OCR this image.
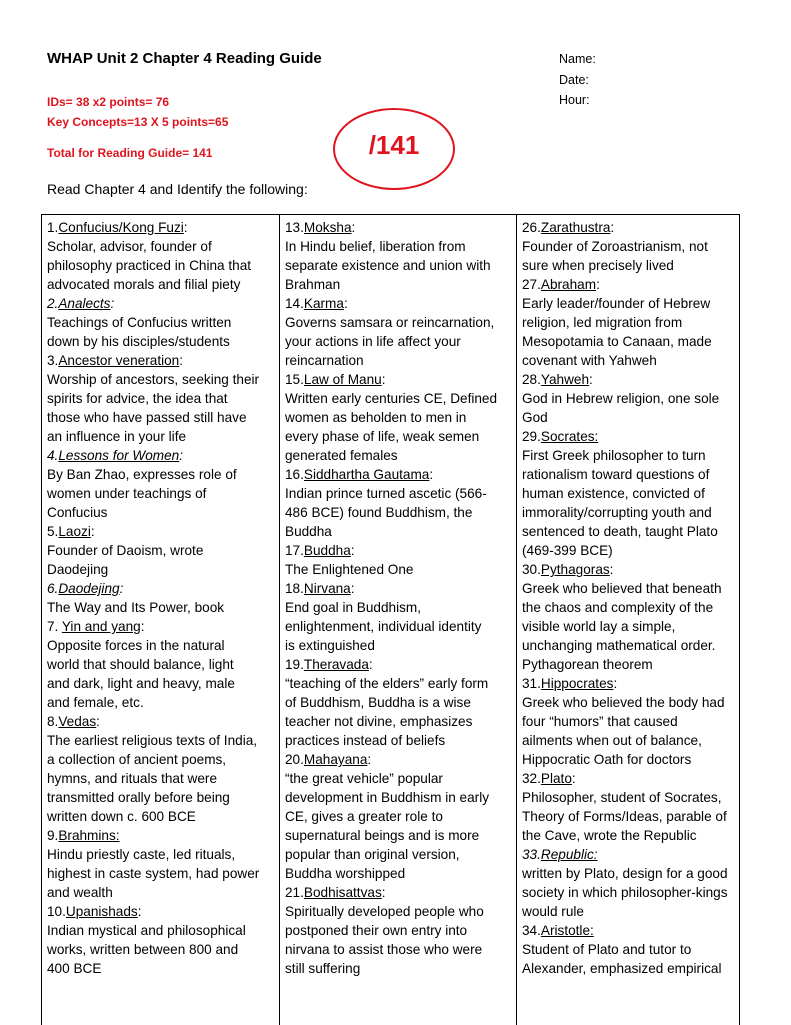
WHAP Unit 2 Chapter 4 Reading Guide	Name:
Date:
Hour:
IDs= 38 x2 points= 76
Key Concepts=13 X 5 points=65
Total for Reading Guide= 141	/141
Read Chapter 4 and Identify the following:
1.Confucius/Kong Fuzi:
Scholar, advisor, founder of
philosophy practiced in China that
advocated morals and filial piety
2.Analects:
Teachings of Confucius written
down by his disciples/students
3.Ancestor veneration:
Worship of ancestors, seeking their
spirits for advice, the idea that
those who have passed still have
an influence in your life
4.Lessons for Women:
By Ban Zhao, expresses role of
women under teachings of
Confucius
5.Laozi:
Founder of Daoism, wrote
Daodejing
6.Daodejing:
The Way and Its Power, book
7. Yin and yang:
Opposite forces in the natural
world that should balance, light
and dark, light and heavy, male
and female, etc.
8.Vedas:
The earliest religious texts of India,
a collection of ancient poems,
hymns, and rituals that were
transmitted orally before being
written down c. 600 BCE
9.Brahmins:
Hindu priestly caste, led rituals,
highest in caste system, had power
and wealth
10.Upanishads:
Indian mystical and philosophical
works, written between 800 and
400 BCE
13.Moksha:
In Hindu belief, liberation from
separate existence and union with
Brahman
14.Karma:
Governs samsara or reincarnation,
your actions in life affect your
reincarnation
15.Law of Manu:
Written early centuries CE, Defined
women as beholden to men in
every phase of life, weak semen
generated females
16.Siddhartha Gautama:
Indian prince turned ascetic (566-
486 BCE) found Buddhism, the
Buddha
17.Buddha:
The Enlightened One
18.Nirvana:
End goal in Buddhism,
enlightenment, individual identity
is extinguished
19.Theravada:
“teaching of the elders” early form
of Buddhism, Buddha is a wise
teacher not divine, emphasizes
practices instead of beliefs
20.Mahayana:
“the great vehicle” popular
development in Buddhism in early
CE, gives a greater role to
supernatural beings and is more
popular than original version,
Buddha worshipped
21.Bodhisattvas:
Spiritually developed people who
postponed their own entry into
nirvana to assist those who were
still suffering
26.Zarathustra:
Founder of Zoroastrianism, not
sure when precisely lived
27.Abraham:
Early leader/founder of Hebrew
religion, led migration from
Mesopotamia to Canaan, made
covenant with Yahweh
28.Yahweh:
God in Hebrew religion, one sole
God
29.Socrates:
First Greek philosopher to turn
rationalism toward questions of
human existence, convicted of
immorality/corrupting youth and
sentenced to death, taught Plato
(469-399 BCE)
30.Pythagoras:
Greek who believed that beneath
the chaos and complexity of the
visible world lay a simple,
unchanging mathematical order.
Pythagorean theorem
31.Hippocrates:
Greek who believed the body had
four “humors” that caused
ailments when out of balance,
Hippocratic Oath for doctors
32.Plato:
Philosopher, student of Socrates,
Theory of Forms/Ideas, parable of
the Cave, wrote the Republic
33.Republic:
written by Plato, design for a good
society in which philosopher-kings
would rule
34.Aristotle:
Student of Plato and tutor to
Alexander, emphasized empirical
